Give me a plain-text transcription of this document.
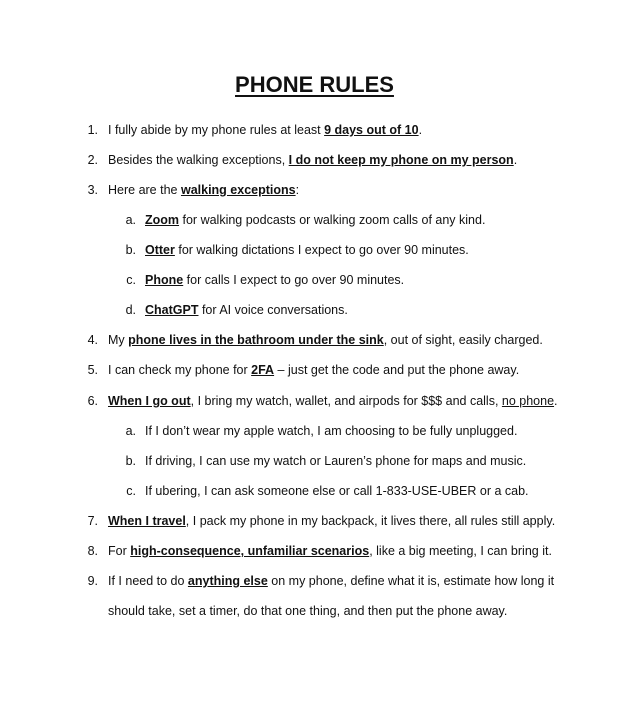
PHONE RULES
1. I fully abide by my phone rules at least 9 days out of 10.
2. Besides the walking exceptions, I do not keep my phone on my person.
3. Here are the walking exceptions:
a. Zoom for walking podcasts or walking zoom calls of any kind.
b. Otter for walking dictations I expect to go over 90 minutes.
c. Phone for calls I expect to go over 90 minutes.
d. ChatGPT for AI voice conversations.
4. My phone lives in the bathroom under the sink, out of sight, easily charged.
5. I can check my phone for 2FA – just get the code and put the phone away.
6. When I go out, I bring my watch, wallet, and airpods for $$$ and calls, no phone.
a. If I don’t wear my apple watch, I am choosing to be fully unplugged.
b. If driving, I can use my watch or Lauren’s phone for maps and music.
c. If ubering, I can ask someone else or call 1-833-USE-UBER or a cab.
7. When I travel, I pack my phone in my backpack, it lives there, all rules still apply.
8. For high-consequence, unfamiliar scenarios, like a big meeting, I can bring it.
9. If I need to do anything else on my phone, define what it is, estimate how long it
should take, set a timer, do that one thing, and then put the phone away.
